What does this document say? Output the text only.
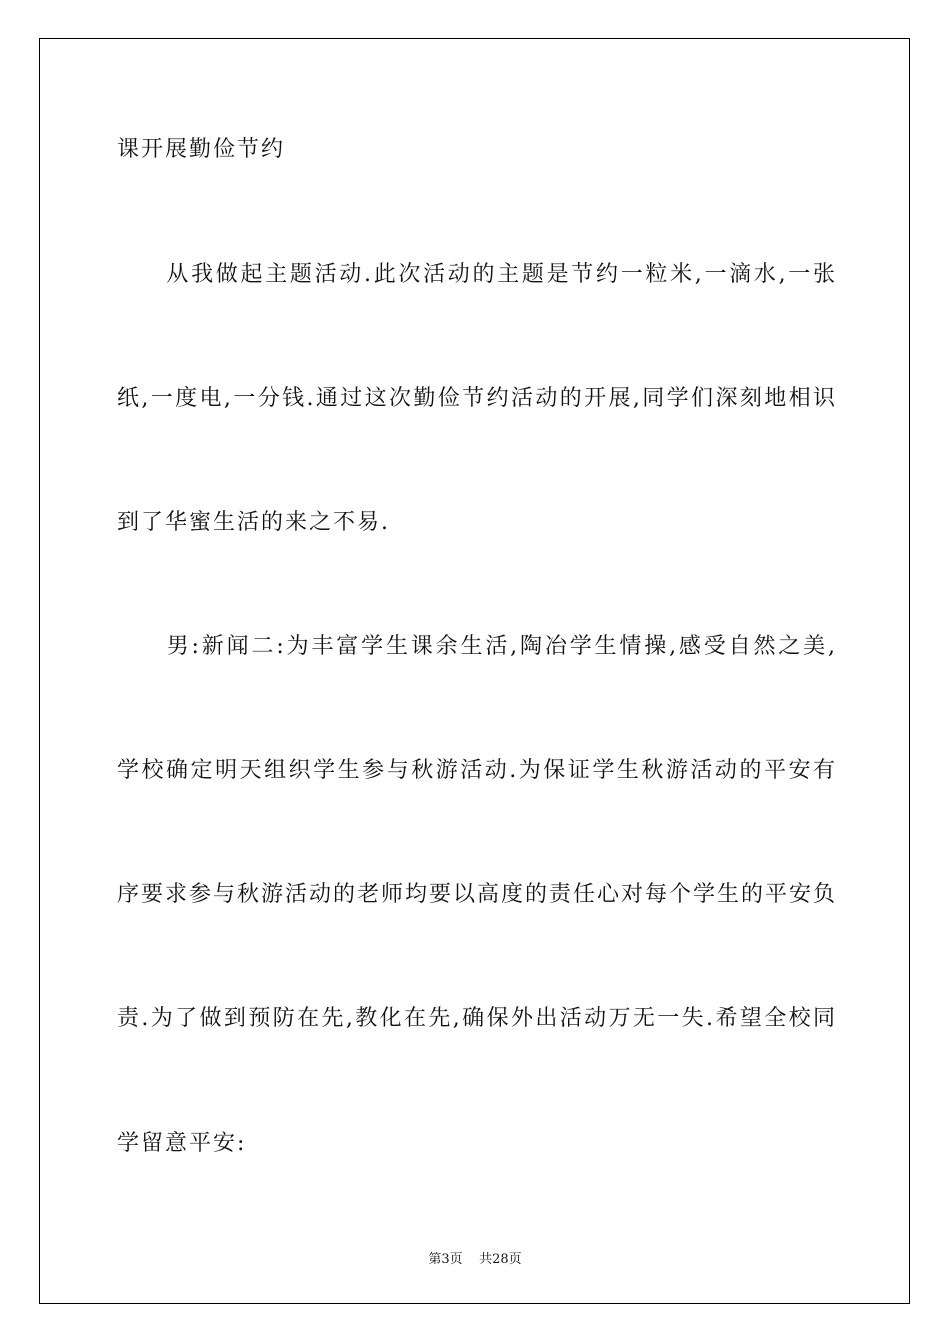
课开展勤俭节约
　　从我做起主题活动.此次活动的主题是节约一粒米,一滴水,一张
纸,一度电,一分钱.通过这次勤俭节约活动的开展,同学们深刻地相识
到了华蜜生活的来之不易.
　　男:新闻二:为丰富学生课余生活,陶冶学生情操,感受自然之美,
学校确定明天组织学生参与秋游活动.为保证学生秋游活动的平安有
序要求参与秋游活动的老师均要以高度的责任心对每个学生的平安负
责.为了做到预防在先,教化在先,确保外出活动万无一失.希望全校同
学留意平安:
第3页 共28页
